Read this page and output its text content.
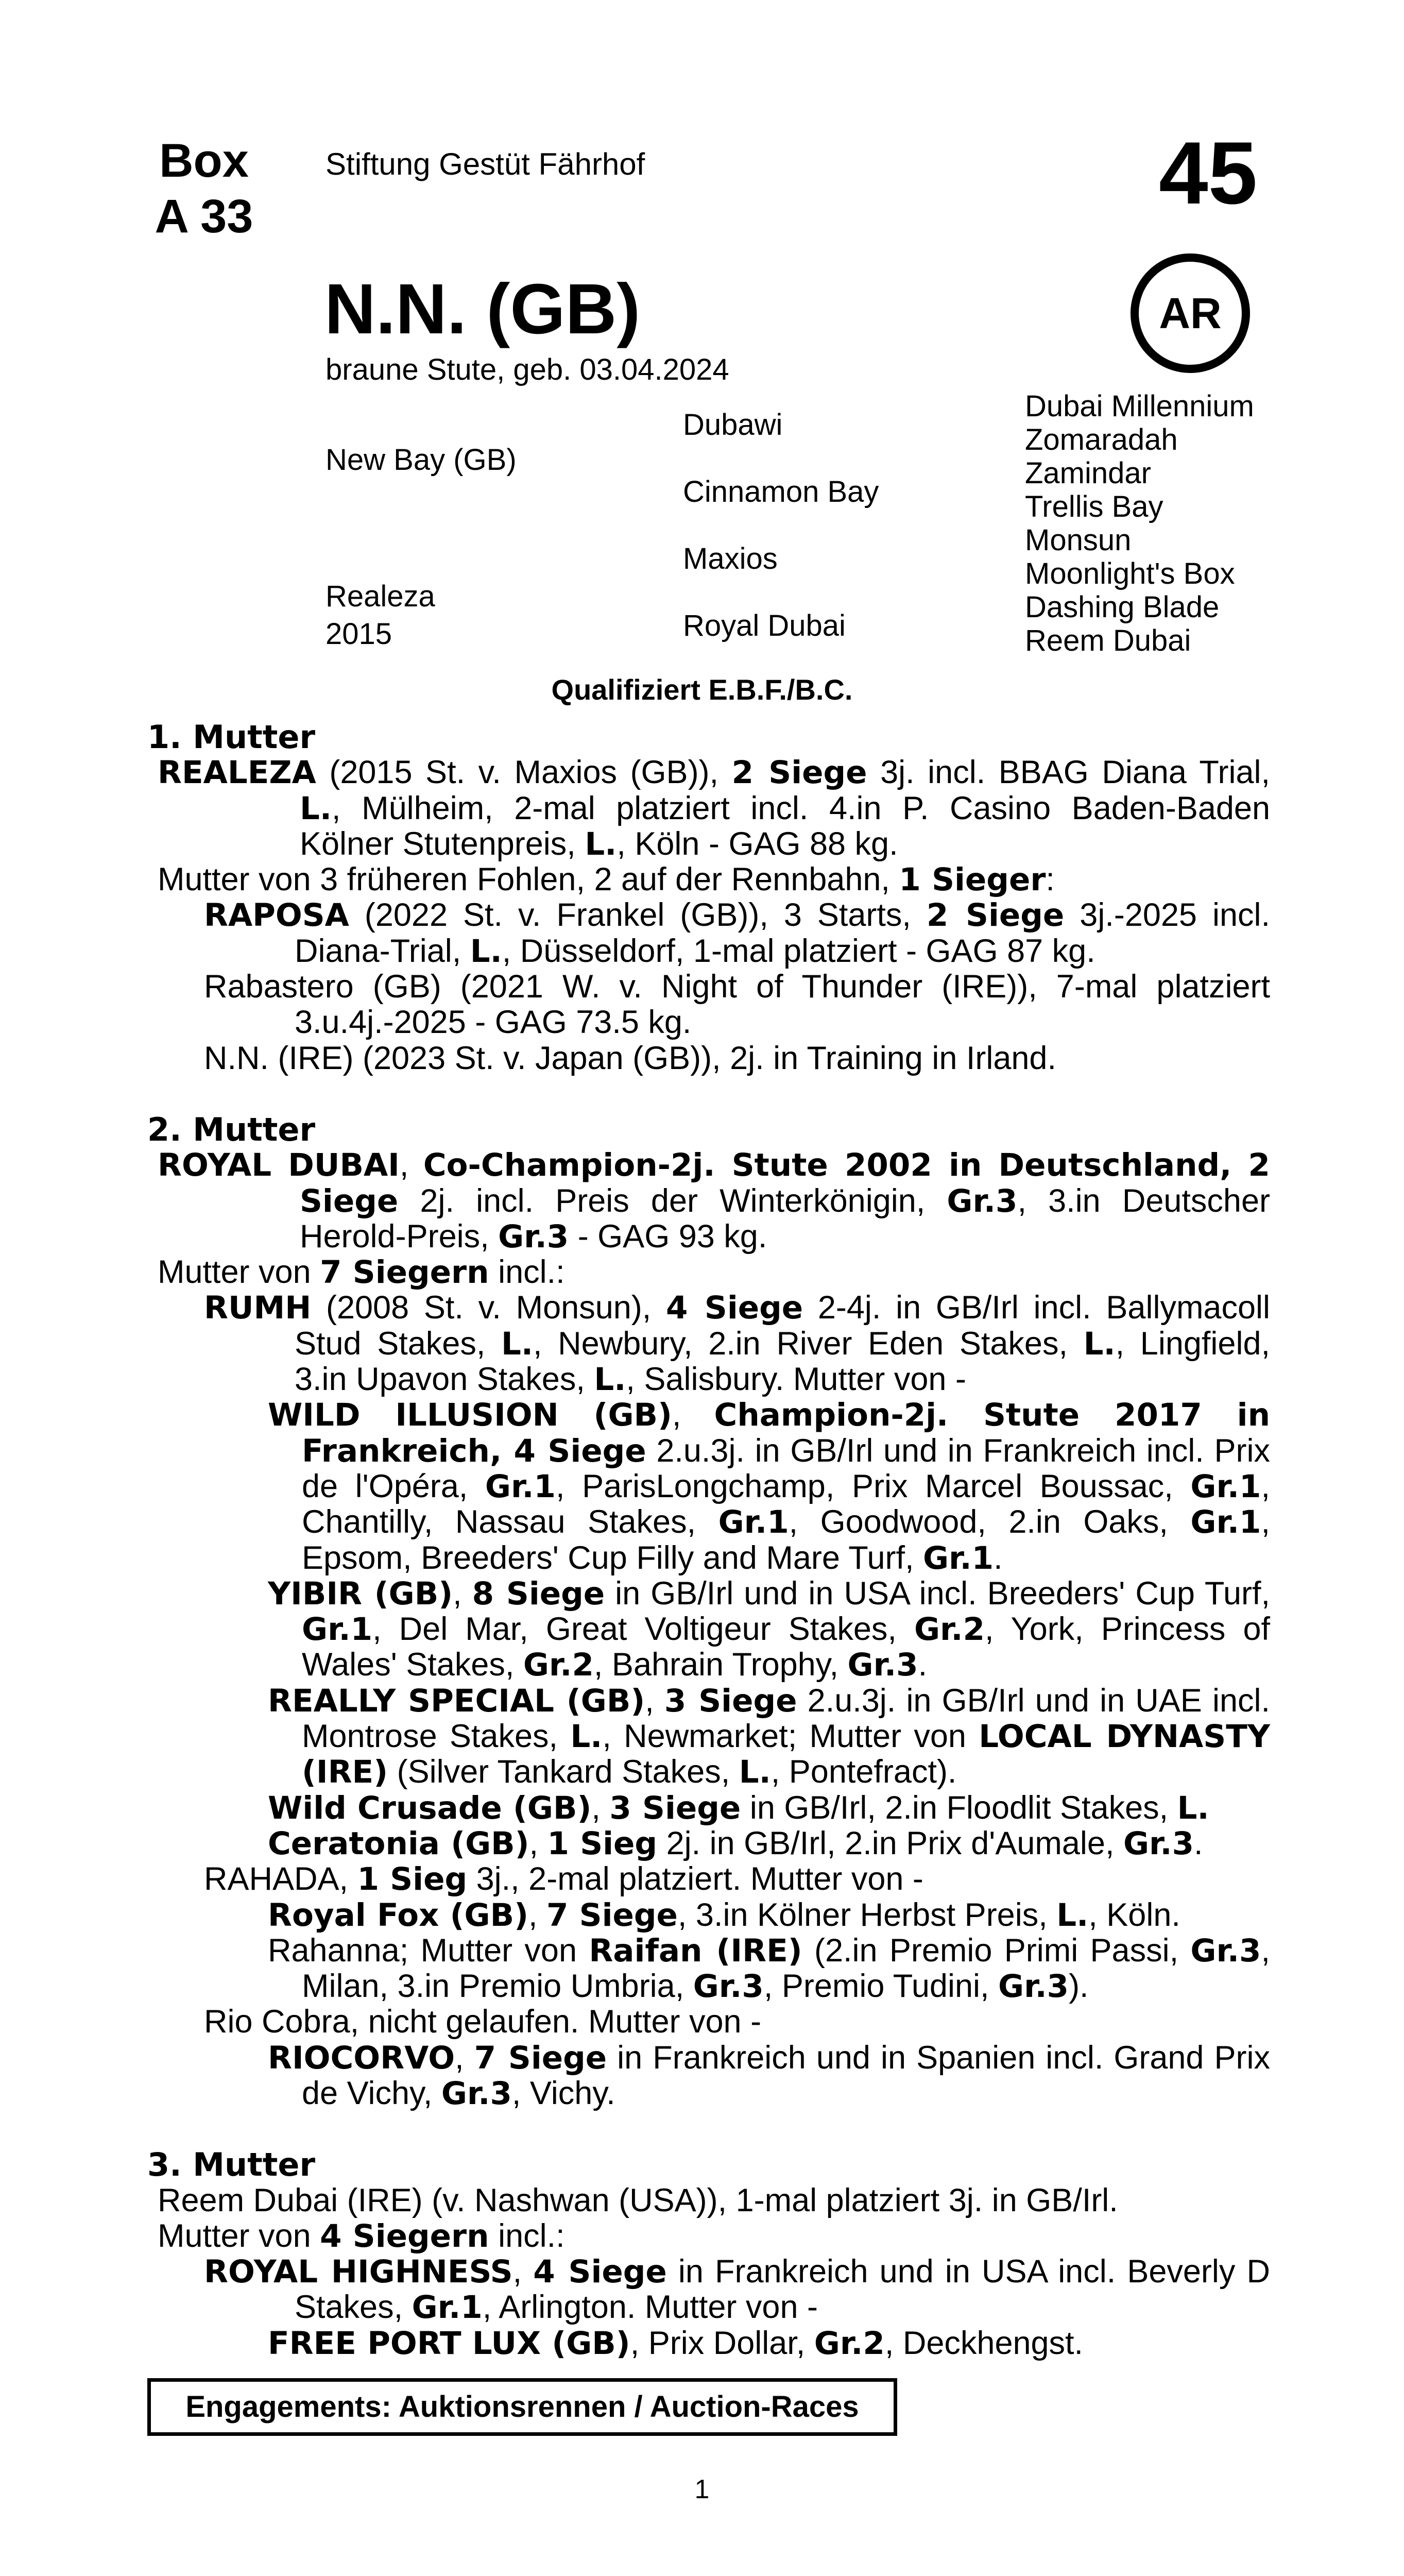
Box
A 33
Stiftung Gestüt Fährhof	45
AR
N.N. (GB)
braune Stute, geb. 03.04.2024
New Bay (GB)
Realeza
2015
Dubawi
Cinnamon Bay
Maxios
Royal Dubai
Dubai Millennium
Zomaradah
Zamindar
Trellis Bay
Monsun
Moonlight's Box
Dashing Blade
Reem Dubai
Qualifiziert E.B.F./B.C.

1. Mutter

REALEZA (2015 St. v. Maxios (GB)), 2 Siege 3j. incl. BBAG Diana Trial, L., Mülheim, 2-mal platziert incl. 4.in P. Casino Baden-Baden Kölner Stutenpreis, L., Köln - GAG 88 kg.

Mutter von 3 früheren Fohlen, 2 auf der Rennbahn, 1 Sieger:

RAPOSA (2022 St. v. Frankel (GB)), 3 Starts, 2 Siege 3j.-2025 incl. Diana-Trial, L., Düsseldorf, 1-mal platziert - GAG 87 kg.

Rabastero (GB) (2021 W. v. Night of Thunder (IRE)), 7-mal platziert 3.u.4j.-2025 - GAG 73.5 kg.

N.N. (IRE) (2023 St. v. Japan (GB)), 2j. in Training in Irland.

2. Mutter

ROYAL DUBAI, Co-Champion-2j. Stute 2002 in Deutschland, 2 Siege 2j. incl. Preis der Winterkönigin, Gr.3, 3.in Deutscher Herold-Preis, Gr.3 - GAG 93 kg.

Mutter von 7 Siegern incl.:

RUMH (2008 St. v. Monsun), 4 Siege 2-4j. in GB/Irl incl. Ballymacoll Stud Stakes, L., Newbury, 2.in River Eden Stakes, L., Lingfield, 3.in Upavon Stakes, L., Salisbury. Mutter von -

WILD ILLUSION (GB), Champion-2j. Stute 2017 in Frankreich, 4 Siege 2.u.3j. in GB/Irl und in Frankreich incl. Prix de l'Opéra, Gr.1, ParisLongchamp, Prix Marcel Boussac, Gr.1, Chantilly, Nassau Stakes, Gr.1, Goodwood, 2.in Oaks, Gr.1, Epsom, Breeders' Cup Filly and Mare Turf, Gr.1.

YIBIR (GB), 8 Siege in GB/Irl und in USA incl. Breeders' Cup Turf, Gr.1, Del Mar, Great Voltigeur Stakes, Gr.2, York, Princess of Wales' Stakes, Gr.2, Bahrain Trophy, Gr.3.

REALLY SPECIAL (GB), 3 Siege 2.u.3j. in GB/Irl und in UAE incl. Montrose Stakes, L., Newmarket; Mutter von LOCAL DYNASTY (IRE) (Silver Tankard Stakes, L., Pontefract).

Wild Crusade (GB), 3 Siege in GB/Irl, 2.in Floodlit Stakes, L.

Ceratonia (GB), 1 Sieg 2j. in GB/Irl, 2.in Prix d'Aumale, Gr.3.

RAHADA, 1 Sieg 3j., 2-mal platziert. Mutter von -

Royal Fox (GB), 7 Siege, 3.in Kölner Herbst Preis, L., Köln.

Rahanna; Mutter von Raifan (IRE) (2.in Premio Primi Passi, Gr.3, Milan, 3.in Premio Umbria, Gr.3, Premio Tudini, Gr.3).

Rio Cobra, nicht gelaufen. Mutter von -

RIOCORVO, 7 Siege in Frankreich und in Spanien incl. Grand Prix de Vichy, Gr.3, Vichy.

3. Mutter

Reem Dubai (IRE) (v. Nashwan (USA)), 1-mal platziert 3j. in GB/Irl.

Mutter von 4 Siegern incl.:

ROYAL HIGHNESS, 4 Siege in Frankreich und in USA incl. Beverly D Stakes, Gr.1, Arlington. Mutter von -

FREE PORT LUX (GB), Prix Dollar, Gr.2, Deckhengst.

Engagements: Auktionsrennen / Auction-Races
1
